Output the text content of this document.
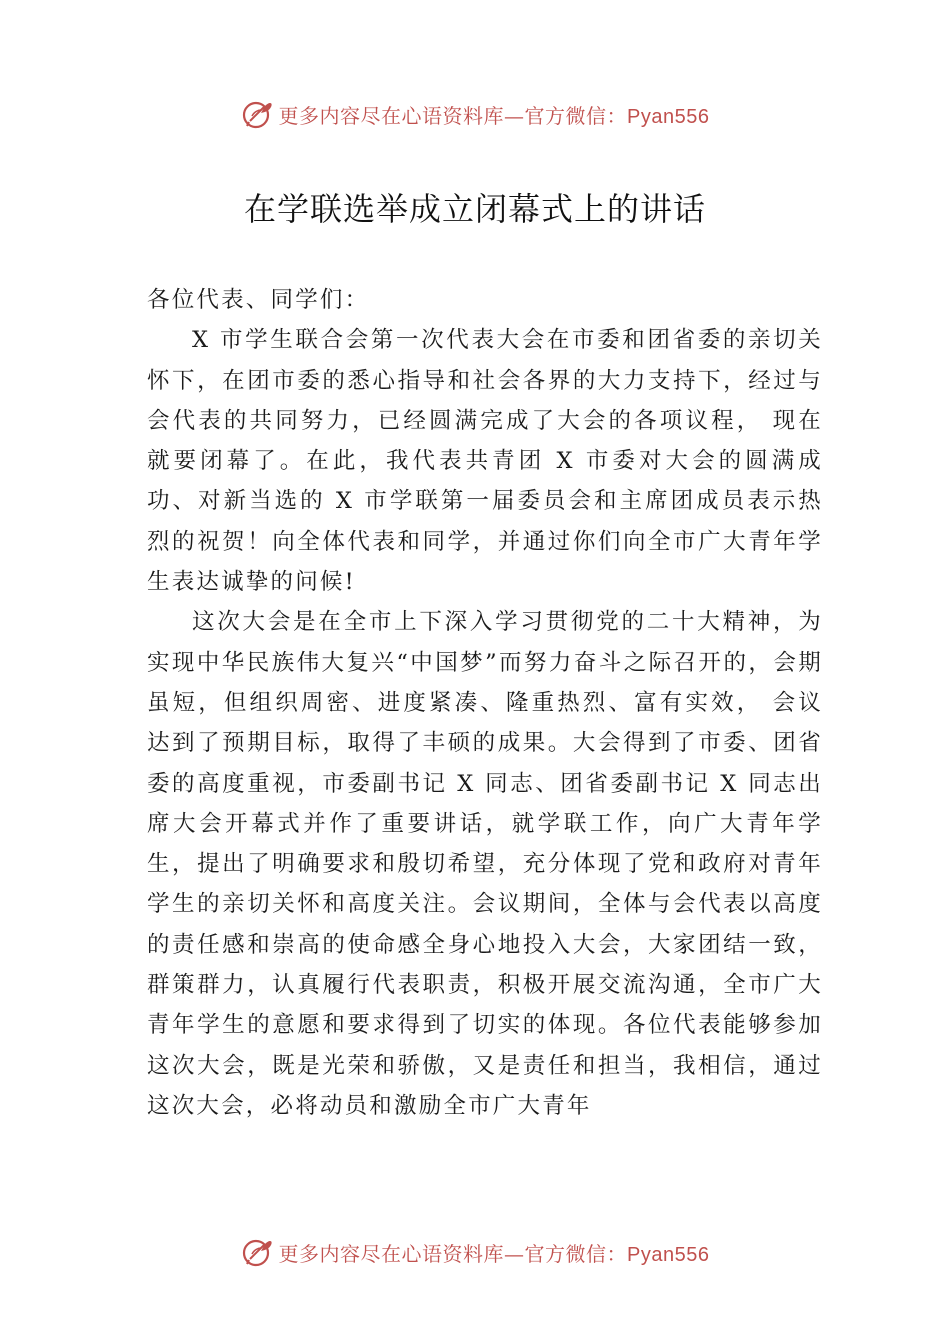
更多内容尽在心语资料库—官方微信：Pyan556
在学联选举成立闭幕式上的讲话

各位代表、同学们：

X 市学生联合会第一次代表大会在市委和团省委的亲切关怀下，在团市委的悉心指导和社会各界的大力支持下，经过与会代表的共同努力，已经圆满完成了大会的各项议程， 现在就要闭幕了。在此，我代表共青团 X 市委对大会的圆满成功、对新当选的 X 市学联第一届委员会和主席团成员表示热烈的祝贺！向全体代表和同学，并通过你们向全市广大青年学生表达诚挚的问候!

这次大会是在全市上下深入学习贯彻党的二十大精神，为实现中华民族伟大复兴“中国梦”而努力奋斗之际召开的，会期虽短，但组织周密、进度紧凑、隆重热烈、富有实效， 会议达到了预期目标，取得了丰硕的成果。大会得到了市委、团省委的高度重视，市委副书记 X 同志、团省委副书记 X 同志出席大会开幕式并作了重要讲话，就学联工作，向广大青年学生，提出了明确要求和殷切希望，充分体现了党和政府对青年学生的亲切关怀和高度关注。会议期间，全体与会代表以高度的责任感和崇高的使命感全身心地投入大会，大家团结一致，群策群力，认真履行代表职责，积极开展交流沟通，全市广大青年学生的意愿和要求得到了切实的体现。各位代表能够参加这次大会，既是光荣和骄傲，又是责任和担当，我相信，通过这次大会，必将动员和激励全市广大青年

更多内容尽在心语资料库—官方微信：Pyan556
